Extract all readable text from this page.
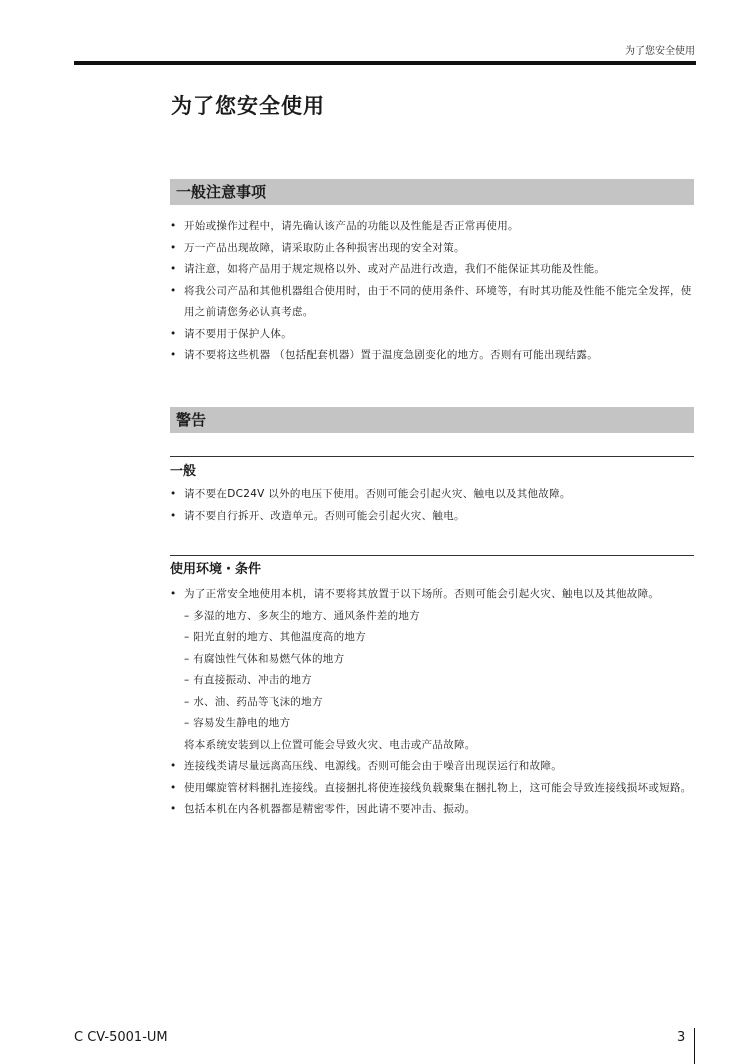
为了您安全使用
为了您安全使用
一般注意事项
• 开始或操作过程中，请先确认该产品的功能以及性能是否正常再使用。
• 万一产品出现故障，请采取防止各种损害出现的安全对策。
• 请注意，如将产品用于规定规格以外、或对产品进行改造，我们不能保证其功能及性能。
• 将我公司产品和其他机器组合使用时，由于不同的使用条件、环境等，有时其功能及性能不能完全发挥，使用之前请您务必认真考虑。
• 请不要用于保护人体。
• 请不要将这些机器 （包括配套机器）置于温度急剧变化的地方。否则有可能出现结露。
警告
一般
• 请不要在DC24V 以外的电压下使用。否则可能会引起火灾、触电以及其他故障。
• 请不要自行拆开、改造单元。否则可能会引起火灾、触电。
使用环境・条件
• 为了正常安全地使用本机，请不要将其放置于以下场所。否则可能会引起火灾、触电以及其他故障。
– 多湿的地方、多灰尘的地方、通风条件差的地方
– 阳光直射的地方、其他温度高的地方
– 有腐蚀性气体和易燃气体的地方
– 有直接振动、冲击的地方
– 水、油、药品等飞沫的地方
– 容易发生静电的地方
将本系统安装到以上位置可能会导致火灾、电击或产品故障。
• 连接线类请尽量远离高压线、电源线。否则可能会由于噪音出现误运行和故障。
• 使用螺旋管材料捆扎连接线。直接捆扎将使连接线负载聚集在捆扎物上，这可能会导致连接线损坏或短路。
• 包括本机在内各机器都是精密零件，因此请不要冲击、振动。
C CV-5001-UM	3
